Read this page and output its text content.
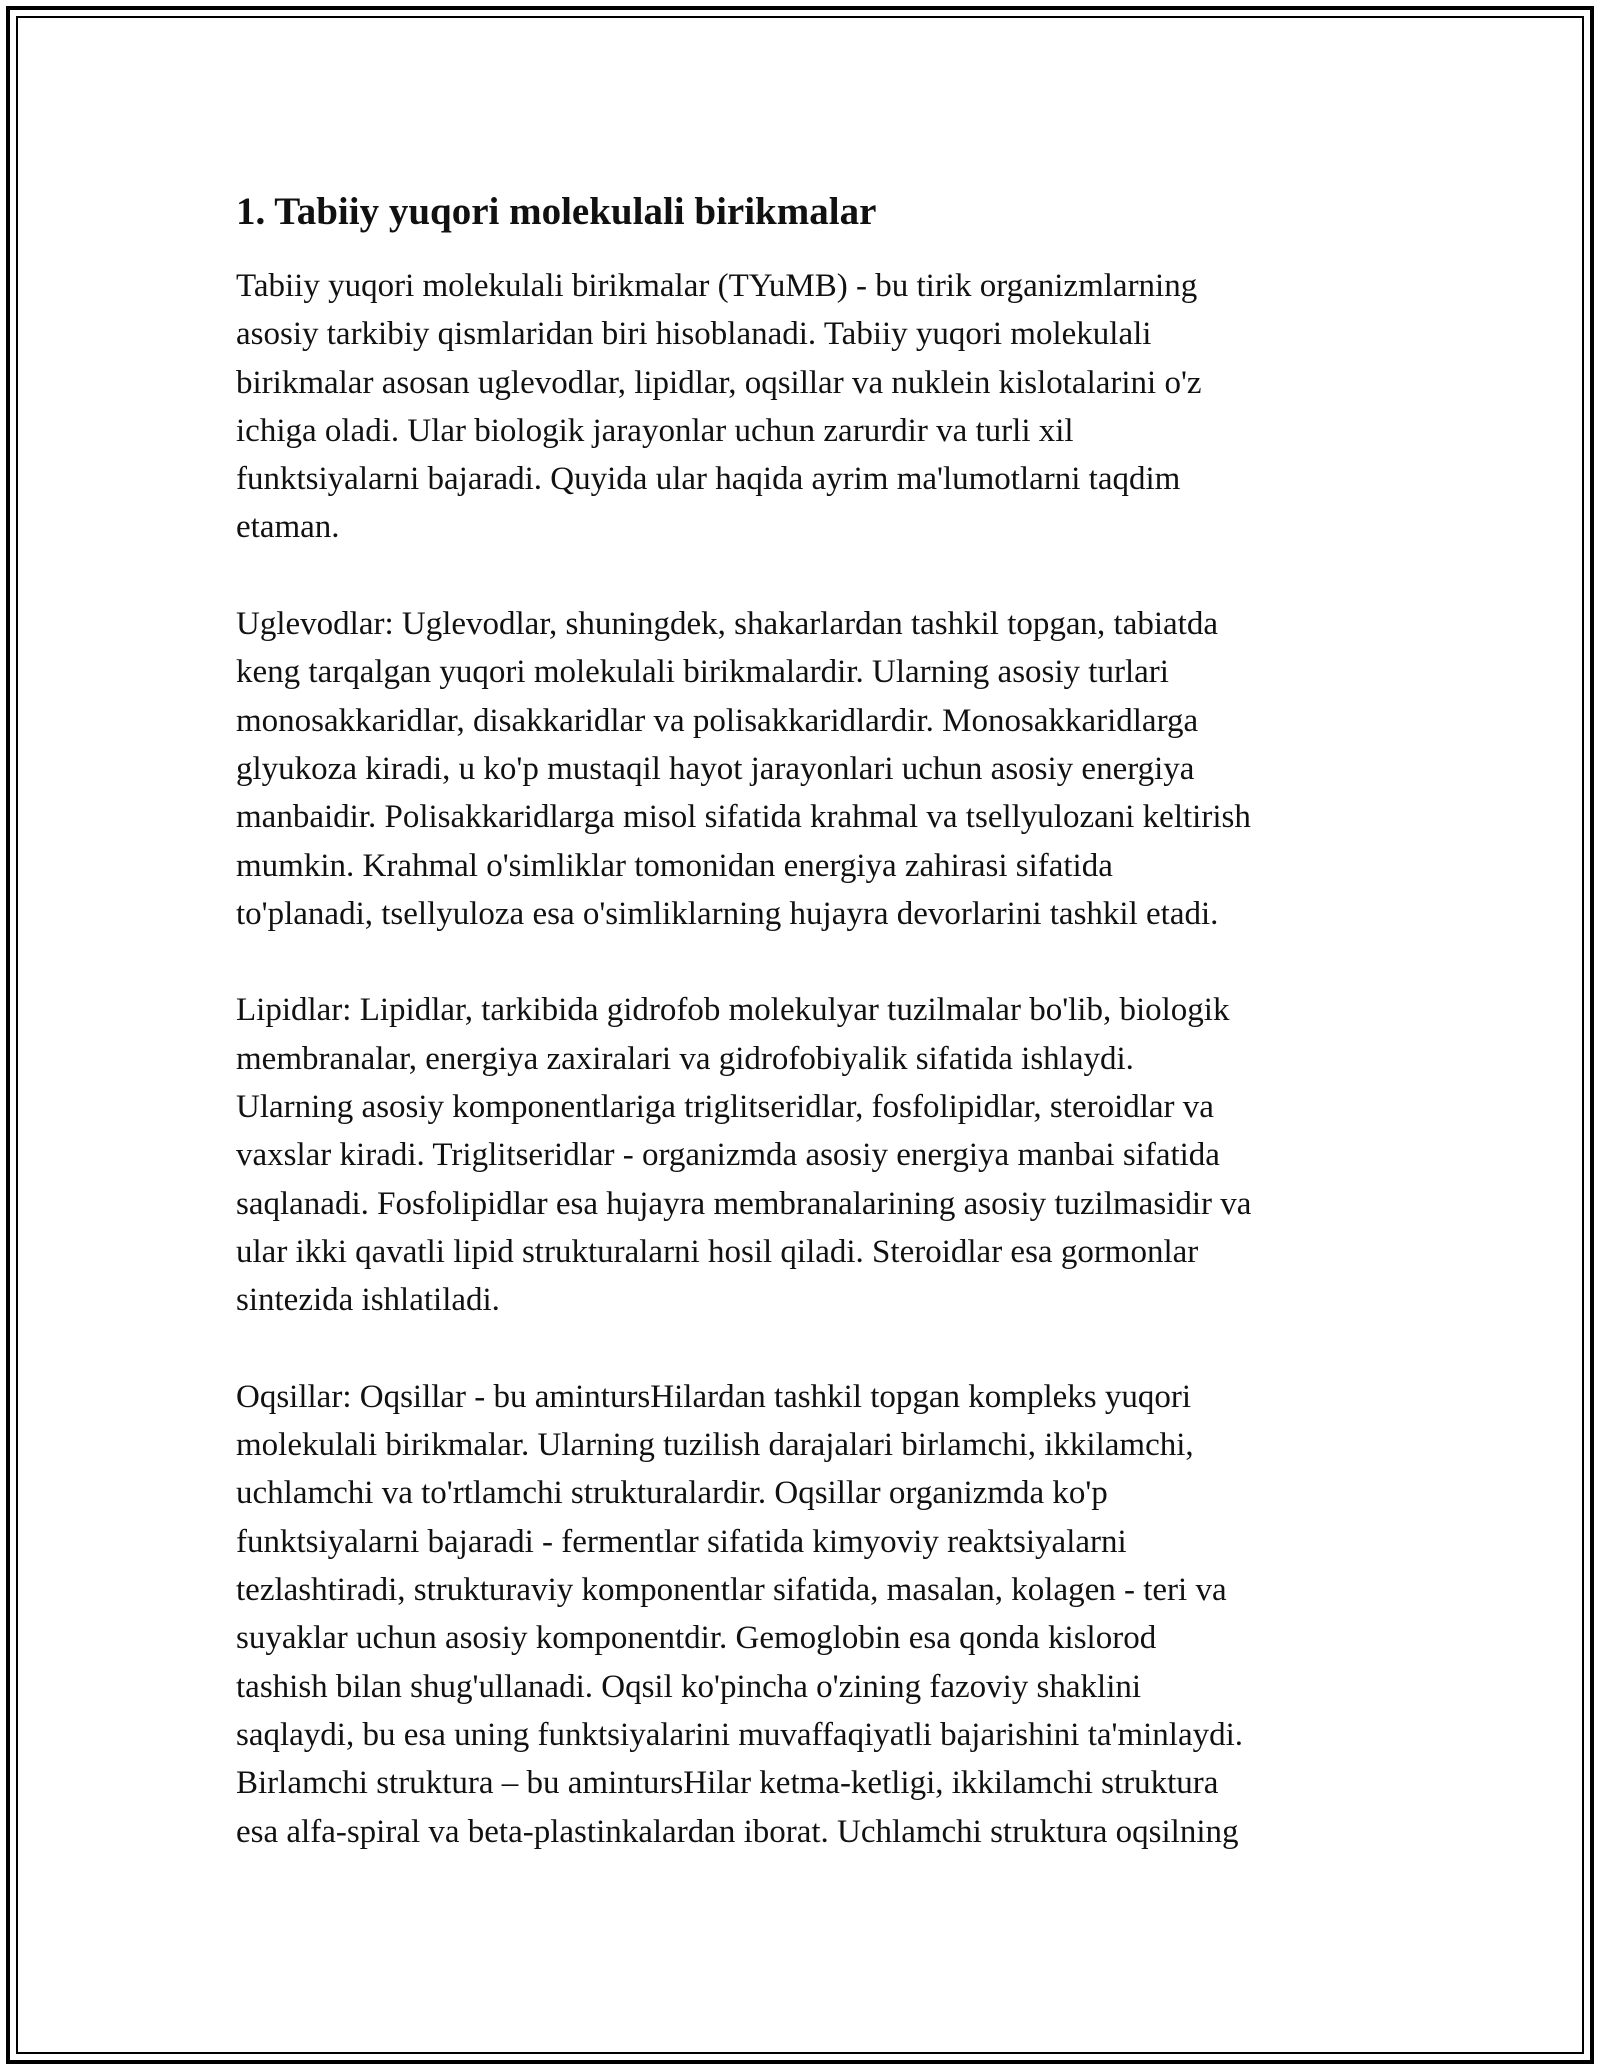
1. Tabiiy yuqori molekulali birikmalar

Tabiiy yuqori molekulali birikmalar (TYuMB) - bu tirik organizmlarning
asosiy tarkibiy qismlaridan biri hisoblanadi. Tabiiy yuqori molekulali
birikmalar asosan uglevodlar, lipidlar, oqsillar va nuklein kislotalarini o'z
ichiga oladi. Ular biologik jarayonlar uchun zarurdir va turli xil
funktsiyalarni bajaradi. Quyida ular haqida ayrim ma'lumotlarni taqdim
etaman.

Uglevodlar: Uglevodlar, shuningdek, shakarlardan tashkil topgan, tabiatda
keng tarqalgan yuqori molekulali birikmalardir. Ularning asosiy turlari
monosakkaridlar, disakkaridlar va polisakkaridlardir. Monosakkaridlarga
glyukoza kiradi, u ko'p mustaqil hayot jarayonlari uchun asosiy energiya
manbaidir. Polisakkaridlarga misol sifatida krahmal va tsellyulozani keltirish
mumkin. Krahmal o'simliklar tomonidan energiya zahirasi sifatida
to'planadi, tsellyuloza esa o'simliklarning hujayra devorlarini tashkil etadi.

Lipidlar: Lipidlar, tarkibida gidrofob molekulyar tuzilmalar bo'lib, biologik
membranalar, energiya zaxiralari va gidrofobiyalik sifatida ishlaydi.
Ularning asosiy komponentlariga triglitseridlar, fosfolipidlar, steroidlar va
vaxslar kiradi. Triglitseridlar - organizmda asosiy energiya manbai sifatida
saqlanadi. Fosfolipidlar esa hujayra membranalarining asosiy tuzilmasidir va
ular ikki qavatli lipid strukturalarni hosil qiladi. Steroidlar esa gormonlar
sintezida ishlatiladi.

Oqsillar: Oqsillar - bu amintursHilardan tashkil topgan kompleks yuqori
molekulali birikmalar. Ularning tuzilish darajalari birlamchi, ikkilamchi,
uchlamchi va to'rtlamchi strukturalardir. Oqsillar organizmda ko'p
funktsiyalarni bajaradi - fermentlar sifatida kimyoviy reaktsiyalarni
tezlashtiradi, strukturaviy komponentlar sifatida, masalan, kolagen - teri va
suyaklar uchun asosiy komponentdir. Gemoglobin esa qonda kislorod
tashish bilan shug'ullanadi. Oqsil ko'pincha o'zining fazoviy shaklini
saqlaydi, bu esa uning funktsiyalarini muvaffaqiyatli bajarishini ta'minlaydi.
Birlamchi struktura – bu amintursHilar ketma-ketligi, ikkilamchi struktura
esa alfa-spiral va beta-plastinkalardan iborat. Uchlamchi struktura oqsilning
